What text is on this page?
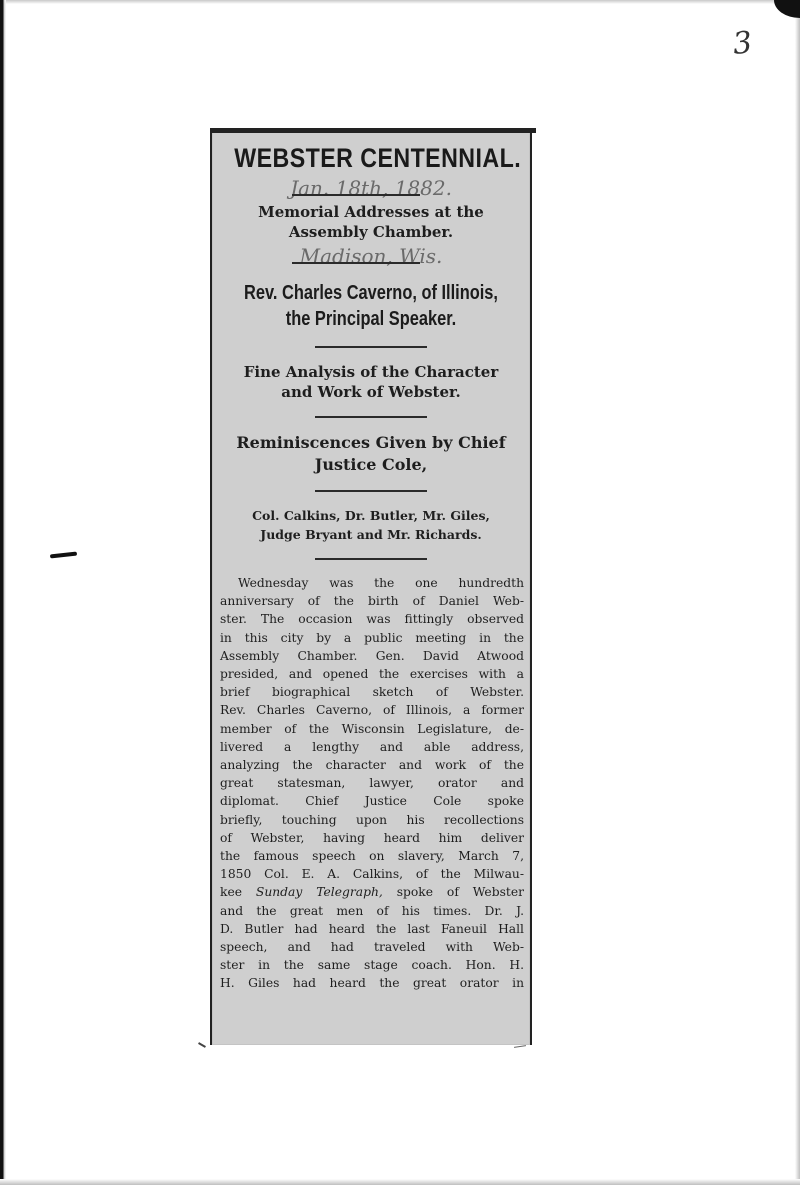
3
WEBSTER CENTENNIAL.
Jan. 18th, 1882.
Memorial Addresses at the
Assembly Chamber.
Madison, Wis.
Rev. Charles Caverno, of Illinois,
the Principal Speaker.
Fine Analysis of the Character
and Work of Webster.
Reminiscences Given by Chief
Justice Cole,
Col. Calkins, Dr. Butler, Mr. Giles,
Judge Bryant and Mr. Richards.
Wednesday was the one hundredth
anniversary of the birth of Daniel Web-
ster. The occasion was fittingly observed
in this city by a public meeting in the
Assembly Chamber. Gen. David Atwood
presided, and opened the exercises with a
brief biographical sketch of Webster.
Rev. Charles Caverno, of Illinois, a former
member of the Wisconsin Legislature, de-
livered a lengthy and able address,
analyzing the character and work of the
great statesman, lawyer, orator and
diplomat. Chief Justice Cole spoke
briefly, touching upon his recollections
of Webster, having heard him deliver
the famous speech on slavery, March 7,
1850 Col. E. A. Calkins, of the Milwau-
kee Sunday Telegraph, spoke of Webster
and the great men of his times. Dr. J.
D. Butler had heard the last Faneuil Hall
speech, and had traveled with Web-
ster in the same stage coach. Hon. H.
H. Giles had heard the great orator in
